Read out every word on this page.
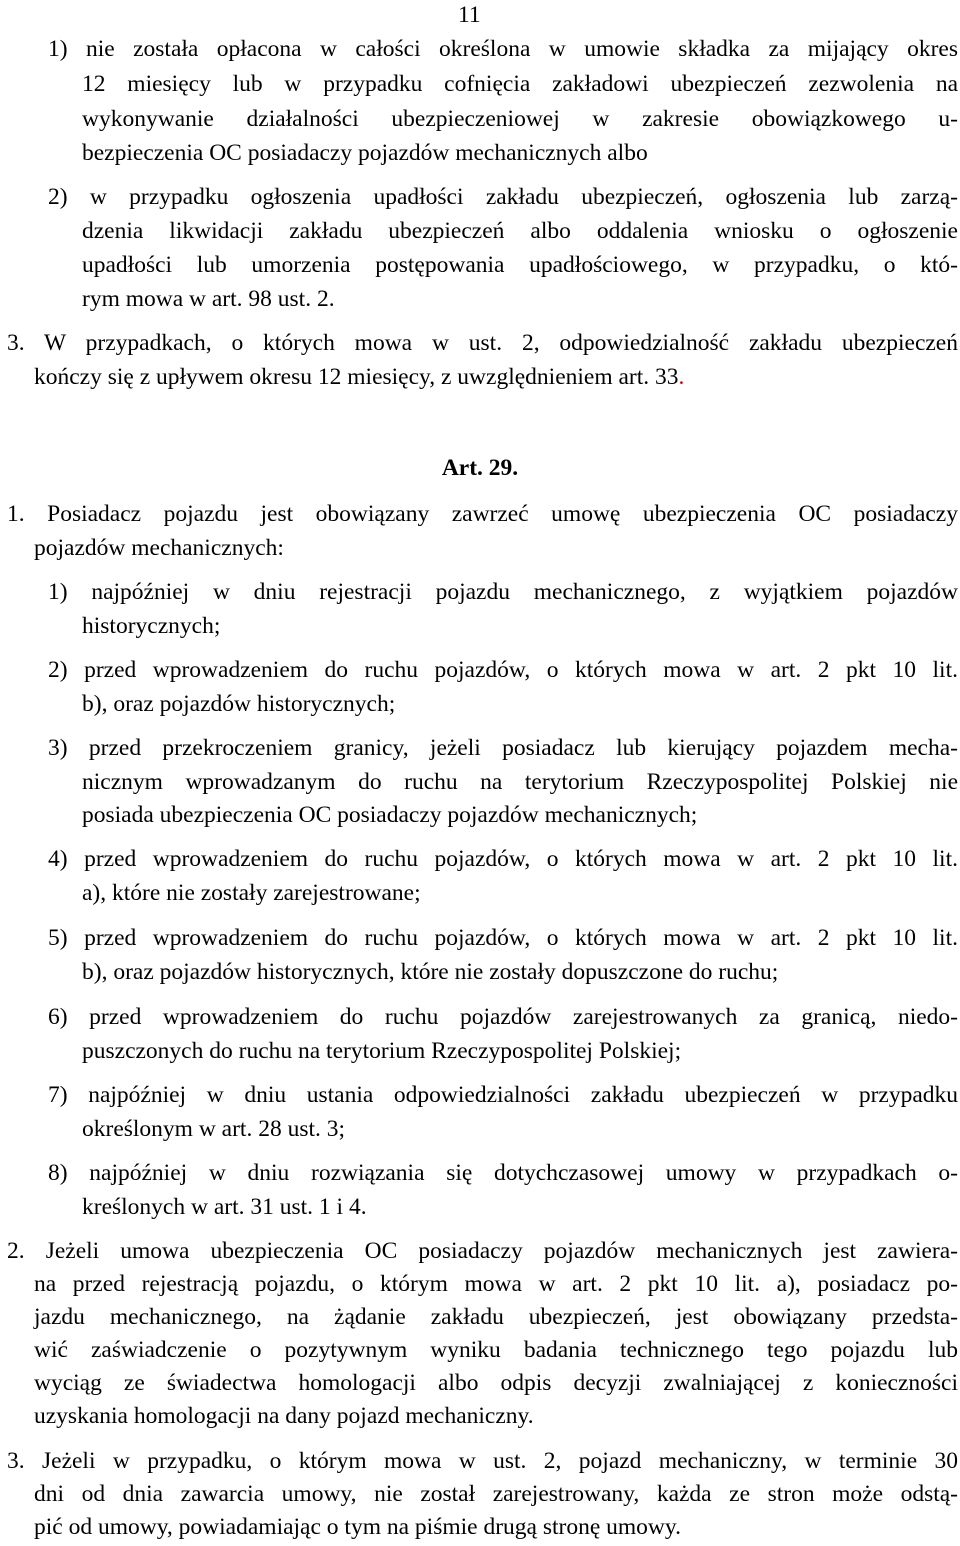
11
1) nie została opłacona w całości określona w umowie składka za mijający okres
12 miesięcy lub w przypadku cofnięcia zakładowi ubezpieczeń zezwolenia na
wykonywanie działalności ubezpieczeniowej w zakresie obowiązkowego u-
bezpieczenia OC posiadaczy pojazdów mechanicznych albo
2) w przypadku ogłoszenia upadłości zakładu ubezpieczeń, ogłoszenia lub zarzą-
dzenia likwidacji zakładu ubezpieczeń albo oddalenia wniosku o ogłoszenie
upadłości lub umorzenia postępowania upadłościowego, w przypadku, o któ-
rym mowa w art. 98 ust. 2.
3. W przypadkach, o których mowa w ust. 2, odpowiedzialność zakładu ubezpieczeń
kończy się z upływem okresu 12 miesięcy, z uwzględnieniem art. 33.
Art. 29.
1. Posiadacz pojazdu jest obowiązany zawrzeć umowę ubezpieczenia OC posiadaczy
pojazdów mechanicznych:
1) najpóźniej w dniu rejestracji pojazdu mechanicznego, z wyjątkiem pojazdów
historycznych;
2) przed wprowadzeniem do ruchu pojazdów, o których mowa w art. 2 pkt 10 lit.
b), oraz pojazdów historycznych;
3) przed przekroczeniem granicy, jeżeli posiadacz lub kierujący pojazdem mecha-
nicznym wprowadzanym do ruchu na terytorium Rzeczypospolitej Polskiej nie
posiada ubezpieczenia OC posiadaczy pojazdów mechanicznych;
4) przed wprowadzeniem do ruchu pojazdów, o których mowa w art. 2 pkt 10 lit.
a), które nie zostały zarejestrowane;
5) przed wprowadzeniem do ruchu pojazdów, o których mowa w art. 2 pkt 10 lit.
b), oraz pojazdów historycznych, które nie zostały dopuszczone do ruchu;
6) przed wprowadzeniem do ruchu pojazdów zarejestrowanych za granicą, niedo-
puszczonych do ruchu na terytorium Rzeczypospolitej Polskiej;
7) najpóźniej w dniu ustania odpowiedzialności zakładu ubezpieczeń w przypadku
określonym w art. 28 ust. 3;
8) najpóźniej w dniu rozwiązania się dotychczasowej umowy w przypadkach o-
kreślonych w art. 31 ust. 1 i 4.
2. Jeżeli umowa ubezpieczenia OC posiadaczy pojazdów mechanicznych jest zawiera-
na przed rejestracją pojazdu, o którym mowa w art. 2 pkt 10 lit. a), posiadacz po-
jazdu mechanicznego, na żądanie zakładu ubezpieczeń, jest obowiązany przedsta-
wić zaświadczenie o pozytywnym wyniku badania technicznego tego pojazdu lub
wyciąg ze świadectwa homologacji albo odpis decyzji zwalniającej z konieczności
uzyskania homologacji na dany pojazd mechaniczny.
3. Jeżeli w przypadku, o którym mowa w ust. 2, pojazd mechaniczny, w terminie 30
dni od dnia zawarcia umowy, nie został zarejestrowany, każda ze stron może odstą-
pić od umowy, powiadamiając o tym na piśmie drugą stronę umowy.
